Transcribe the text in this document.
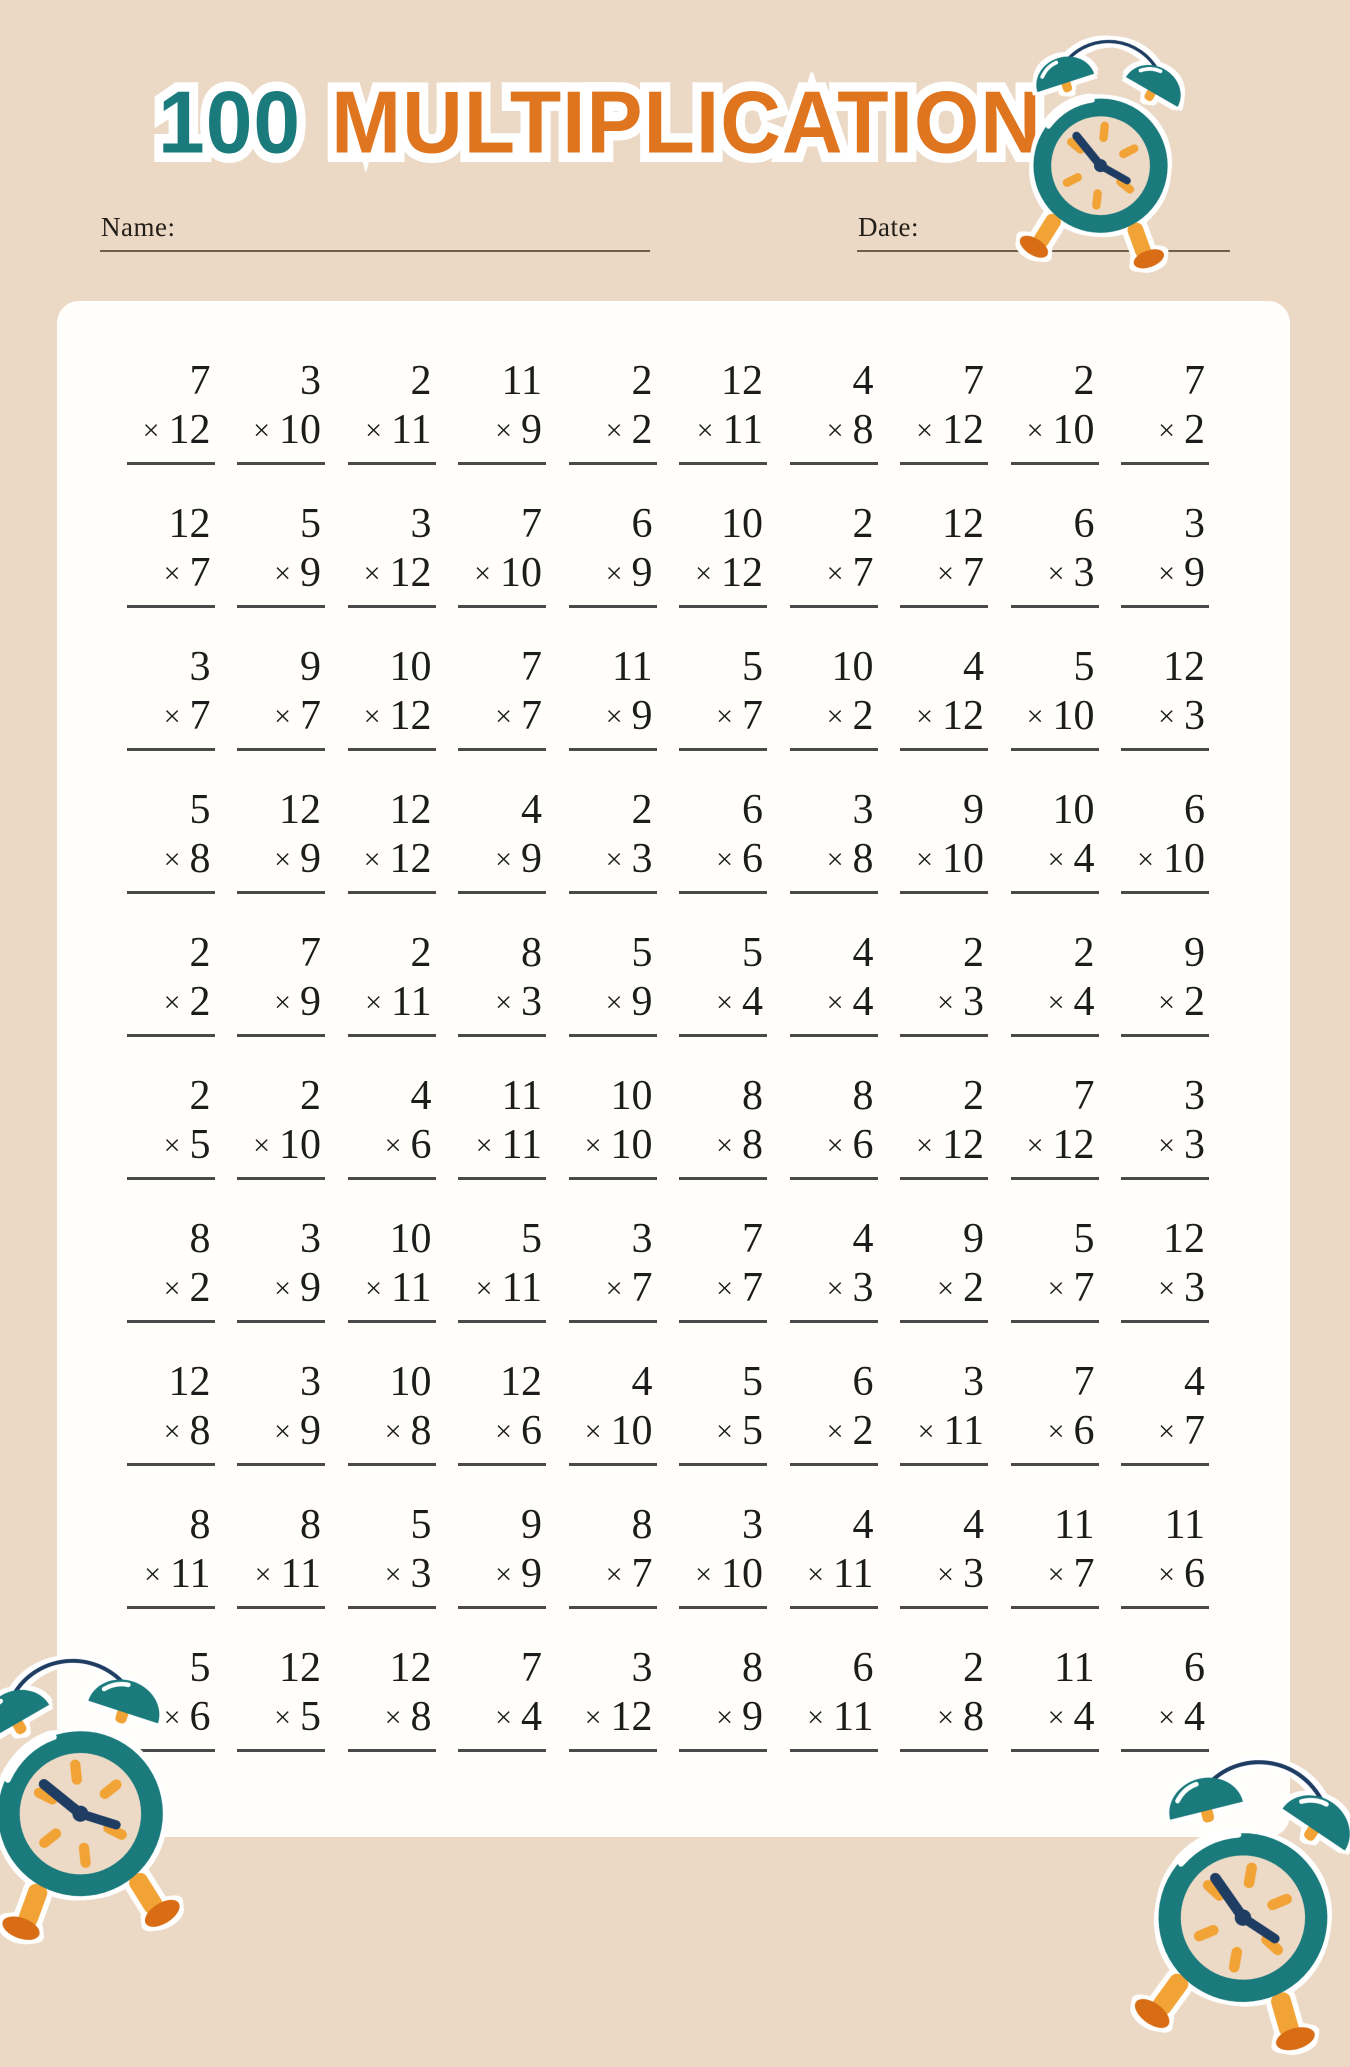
100 100 MULTIPLICATION MULTIPLICATION
Name:	Date:
7
× 12
3
× 10
2
× 11
11
× 9
2
× 2
12
× 11
4
× 8
7
× 12
2
× 10
7
× 2
12
× 7
5
× 9
3
× 12
7
× 10
6
× 9
10
× 12
2
× 7
12
× 7
6
× 3
3
× 9
3
× 7
9
× 7
10
× 12
7
× 7
11
× 9
5
× 7
10
× 2
4
× 12
5
× 10
12
× 3
5
× 8
12
× 9
12
× 12
4
× 9
2
× 3
6
× 6
3
× 8
9
× 10
10
× 4
6
× 10
2
× 2
7
× 9
2
× 11
8
× 3
5
× 9
5
× 4
4
× 4
2
× 3
2
× 4
9
× 2
2
× 5
2
× 10
4
× 6
11
× 11
10
× 10
8
× 8
8
× 6
2
× 12
7
× 12
3
× 3
8
× 2
3
× 9
10
× 11
5
× 11
3
× 7
7
× 7
4
× 3
9
× 2
5
× 7
12
× 3
12
× 8
3
× 9
10
× 8
12
× 6
4
× 10
5
× 5
6
× 2
3
× 11
7
× 6
4
× 7
8
× 11
8
× 11
5
× 3
9
× 9
8
× 7
3
× 10
4
× 11
4
× 3
11
× 7
11
× 6
5
× 6
12
× 5
12
× 8
7
× 4
3
× 12
8
× 9
6
× 11
2
× 8
11
× 4
6
× 4
